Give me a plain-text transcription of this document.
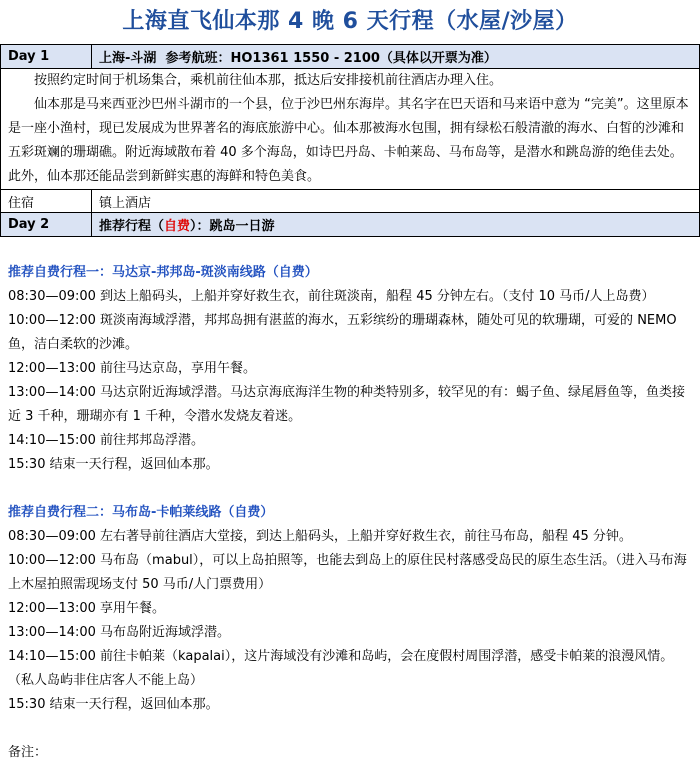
上海直飞仙本那 4 晚 6 天行程（水屋/沙屋）
Day 1	上海-斗湖 参考航班：HO1361 1550 - 2100（具体以开票为准）

按照约定时间于机场集合，乘机前往仙本那，抵达后安排接机前往酒店办理入住。

仙本那是马来西亚沙巴州斗湖市的一个县，位于沙巴州东海岸。其名字在巴天语和马来语中意为 “完美”。这里原本是一座小渔村，现已发展成为世界著名的海底旅游中心。仙本那被海水包围，拥有绿松石般清澈的海水、白皙的沙滩和五彩斑斓的珊瑚礁。附近海域散布着 40 多个海岛，如诗巴丹岛、卡帕莱岛、马布岛等，是潜水和跳岛游的绝佳去处。此外，仙本那还能品尝到新鲜实惠的海鲜和特色美食。	

住宿	镇上酒店
Day 2	推荐行程（自费）：跳岛一日游
推荐自费行程一：马达京-邦邦岛-斑淡南线路（自费）
08:30—09:00 到达上船码头，上船并穿好救生衣，前往斑淡南，船程 45 分钟左右。（支付 10 马币/人上岛费）
10:00—12:00 斑淡南海域浮潜，邦邦岛拥有湛蓝的海水，五彩缤纷的珊瑚森林，随处可见的软珊瑚，可爱的 NEMO 鱼，洁白柔软的沙滩。
12:00—13:00 前往马达京岛，享用午餐。
13:00—14:00 马达京附近海域浮潜。马达京海底海洋生物的种类特别多，较罕见的有：蝎子鱼、绿尾唇鱼等，鱼类接近 3 千种，珊瑚亦有 1 千种，令潜水发烧友着迷。
14:10—15:00 前往邦邦岛浮潜。
15:30 结束一天行程，返回仙本那。
推荐自费行程二：马布岛-卡帕莱线路（自费）
08:30—09:00 左右著导前往酒店大堂接，到达上船码头，上船并穿好救生衣，前往马布岛，船程 45 分钟。
10:00—12:00 马布岛（mabul），可以上岛拍照等，也能去到岛上的原住民村落感受岛民的原生态生活。（进入马布海上木屋拍照需现场支付 50 马币/人门票费用）
12:00—13:00 享用午餐。
13:00—14:00 马布岛附近海域浮潜。
14:10—15:00 前往卡帕莱（kapalai），这片海域没有沙滩和岛屿，会在度假村周围浮潜，感受卡帕莱的浪漫风情。（私人岛屿非住店客人不能上岛）
15:30 结束一天行程，返回仙本那。
备注：
